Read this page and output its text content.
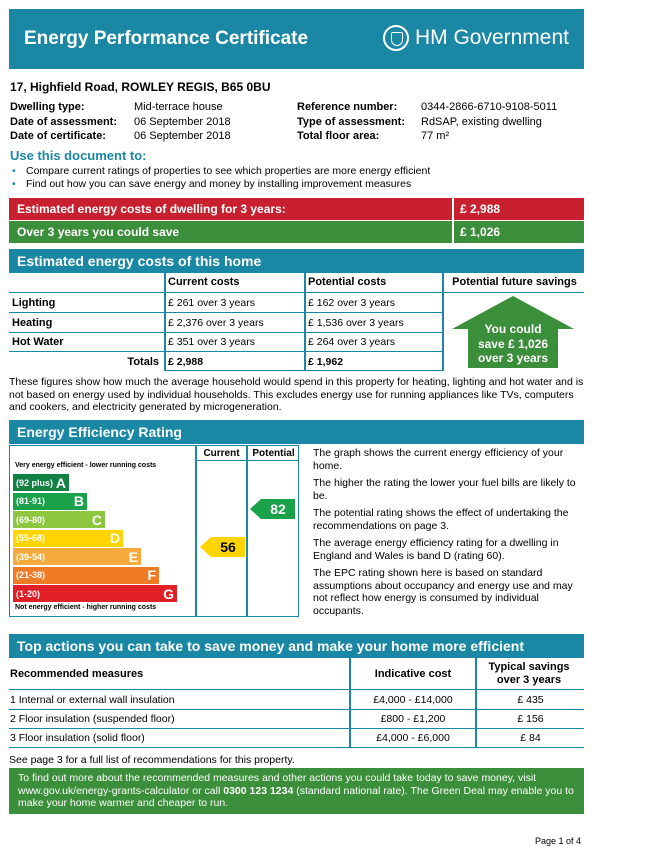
Energy Performance Certificate	HM Government
17, Highfield Road, ROWLEY REGIS, B65 0BU
Dwelling type:	Mid-terrace house
Date of assessment: 06 September 2018
Date of certificate:	06 September 2018
Reference number: 0344-2866-6710-9108-5011
Type of assessment: RdSAP, existing dwelling
Total floor area:	77 m²
Use this document to:
• Compare current ratings of properties to see which properties are more energy efficient
• Find out how you can save energy and money by installing improvement measures
Estimated energy costs of dwelling for 3 years:	£ 2,988
Over 3 years you could save	£ 1,026
Estimated energy costs of this home
Current costs	Potential costs	Potential future savings
Lighting	£ 261 over 3 years	£ 162 over 3 years
Heating	£ 2,376 over 3 years	£ 1,536 over 3 years
Hot Water	£ 351 over 3 years	£ 264 over 3 years
Totals £ 2,988	£ 1,962
You could
save £ 1,026
over 3 years
These figures show how much the average household would spend in this property for heating, lighting and hot water and is not based on energy used by individual households. This excludes energy use for running appliances like TVs, computers and cookers, and electricity generated by microgeneration.
Energy Efficiency Rating
Current	Potential
Very energy efficient - lower running costs
Not energy efficient - higher running costs
(92 plus) A
(81-91) B
(69-80)	C
(55-68)	D
(39-54)	E
(21-38)	F
(1-20)	G
56
82
The graph shows the current energy efficiency of your home.
The higher the rating the lower your fuel bills are likely to be.
The potential rating shows the effect of undertaking the recommendations on page 3.
The average energy efficiency rating for a dwelling in England and Wales is band D (rating 60).
The EPC rating shown here is based on standard assumptions about occupancy and energy use and may not reflect how energy is consumed by individual occupants.
Top actions you can take to save money and make your home more efficient
Recommended measures	Indicative cost
Typical savings over 3 years
1 Internal or external wall insulation	£4,000 - £14,000	£ 435
2 Floor insulation (suspended floor)	£800 - £1,200	£ 156
3 Floor insulation (solid floor)	£4,000 - £6,000	£ 84
See page 3 for a full list of recommendations for this property.
To find out more about the recommended measures and other actions you could take today to save money, visit www.gov.uk/energy-grants-calculator or call 0300 123 1234 (standard national rate). The Green Deal may enable you to make your home warmer and cheaper to run.
Page 1 of 4
